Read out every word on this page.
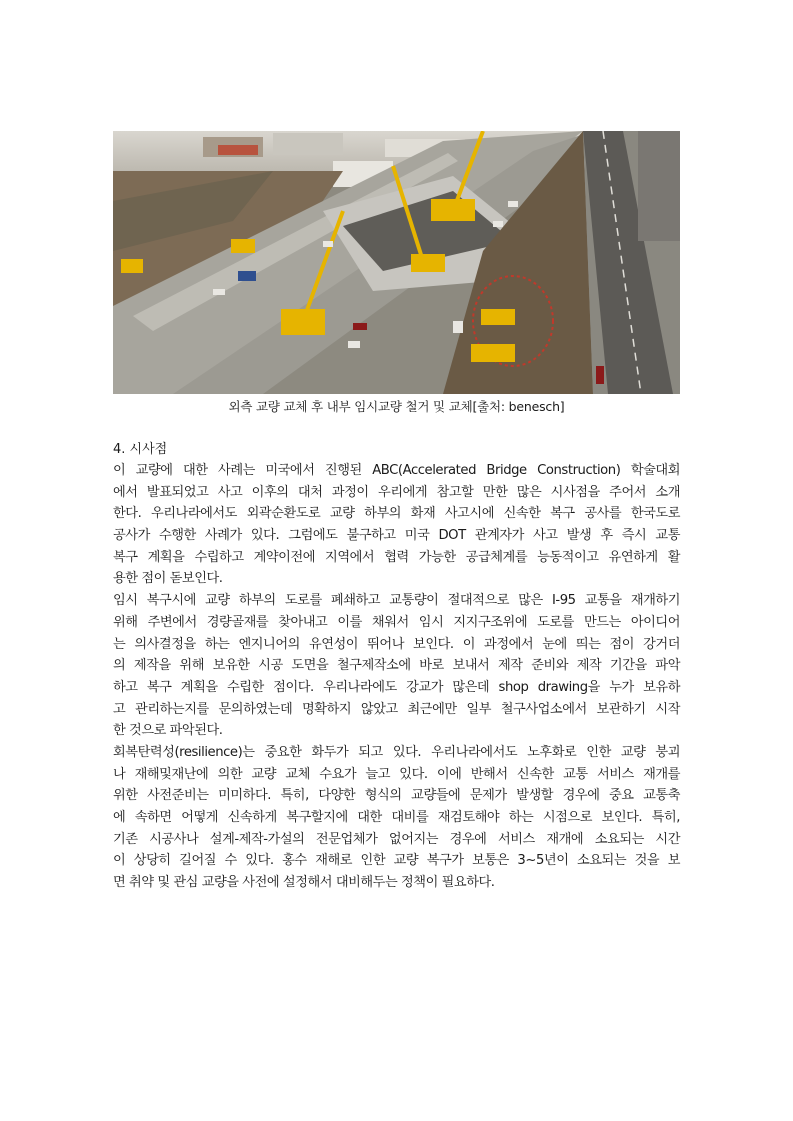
외측 교량 교체 후 내부 임시교량 철거 및 교체[출처: benesch]
4. 시사점

이 교량에 대한 사례는 미국에서 진행된 ABC(Accelerated Bridge Construction) 학술대회
에서 발표되었고 사고 이후의 대처 과정이 우리에게 참고할 만한 많은 시사점을 주어서 소개
한다. 우리나라에서도 외곽순환도로 교량 하부의 화재 사고시에 신속한 복구 공사를 한국도로
공사가 수행한 사례가 있다. 그럼에도 불구하고 미국 DOT 관계자가 사고 발생 후 즉시 교통
복구 계획을 수립하고 계약이전에 지역에서 협력 가능한 공급체계를 능동적이고 유연하게 활
용한 점이 돋보인다.

임시 복구시에 교량 하부의 도로를 폐쇄하고 교통량이 절대적으로 많은 I-95 교통을 재개하기
위해 주변에서 경량골재를 찾아내고 이를 채워서 임시 지지구조위에 도로를 만드는 아이디어
는 의사결정을 하는 엔지니어의 유연성이 뛰어나 보인다. 이 과정에서 눈에 띄는 점이 강거더
의 제작을 위해 보유한 시공 도면을 철구제작소에 바로 보내서 제작 준비와 제작 기간을 파악
하고 복구 계획을 수립한 점이다. 우리나라에도 강교가 많은데 shop drawing을 누가 보유하
고 관리하는지를 문의하였는데 명확하지 않았고 최근에만 일부 철구사업소에서 보관하기 시작
한 것으로 파악된다.

회복탄력성(resilience)는 중요한 화두가 되고 있다. 우리나라에서도 노후화로 인한 교량 붕괴
나 재해및재난에 의한 교량 교체 수요가 늘고 있다. 이에 반해서 신속한 교통 서비스 재개를
위한 사전준비는 미미하다. 특히, 다양한 형식의 교량들에 문제가 발생할 경우에 중요 교통축
에 속하면 어떻게 신속하게 복구할지에 대한 대비를 재검토해야 하는 시점으로 보인다. 특히,
기존 시공사나 설계-제작-가설의 전문업체가 없어지는 경우에 서비스 재개에 소요되는 시간
이 상당히 길어질 수 있다. 홍수 재해로 인한 교량 복구가 보통은 3~5년이 소요되는 것을 보
면 취약 및 관심 교량을 사전에 설정해서 대비해두는 정책이 필요하다.
